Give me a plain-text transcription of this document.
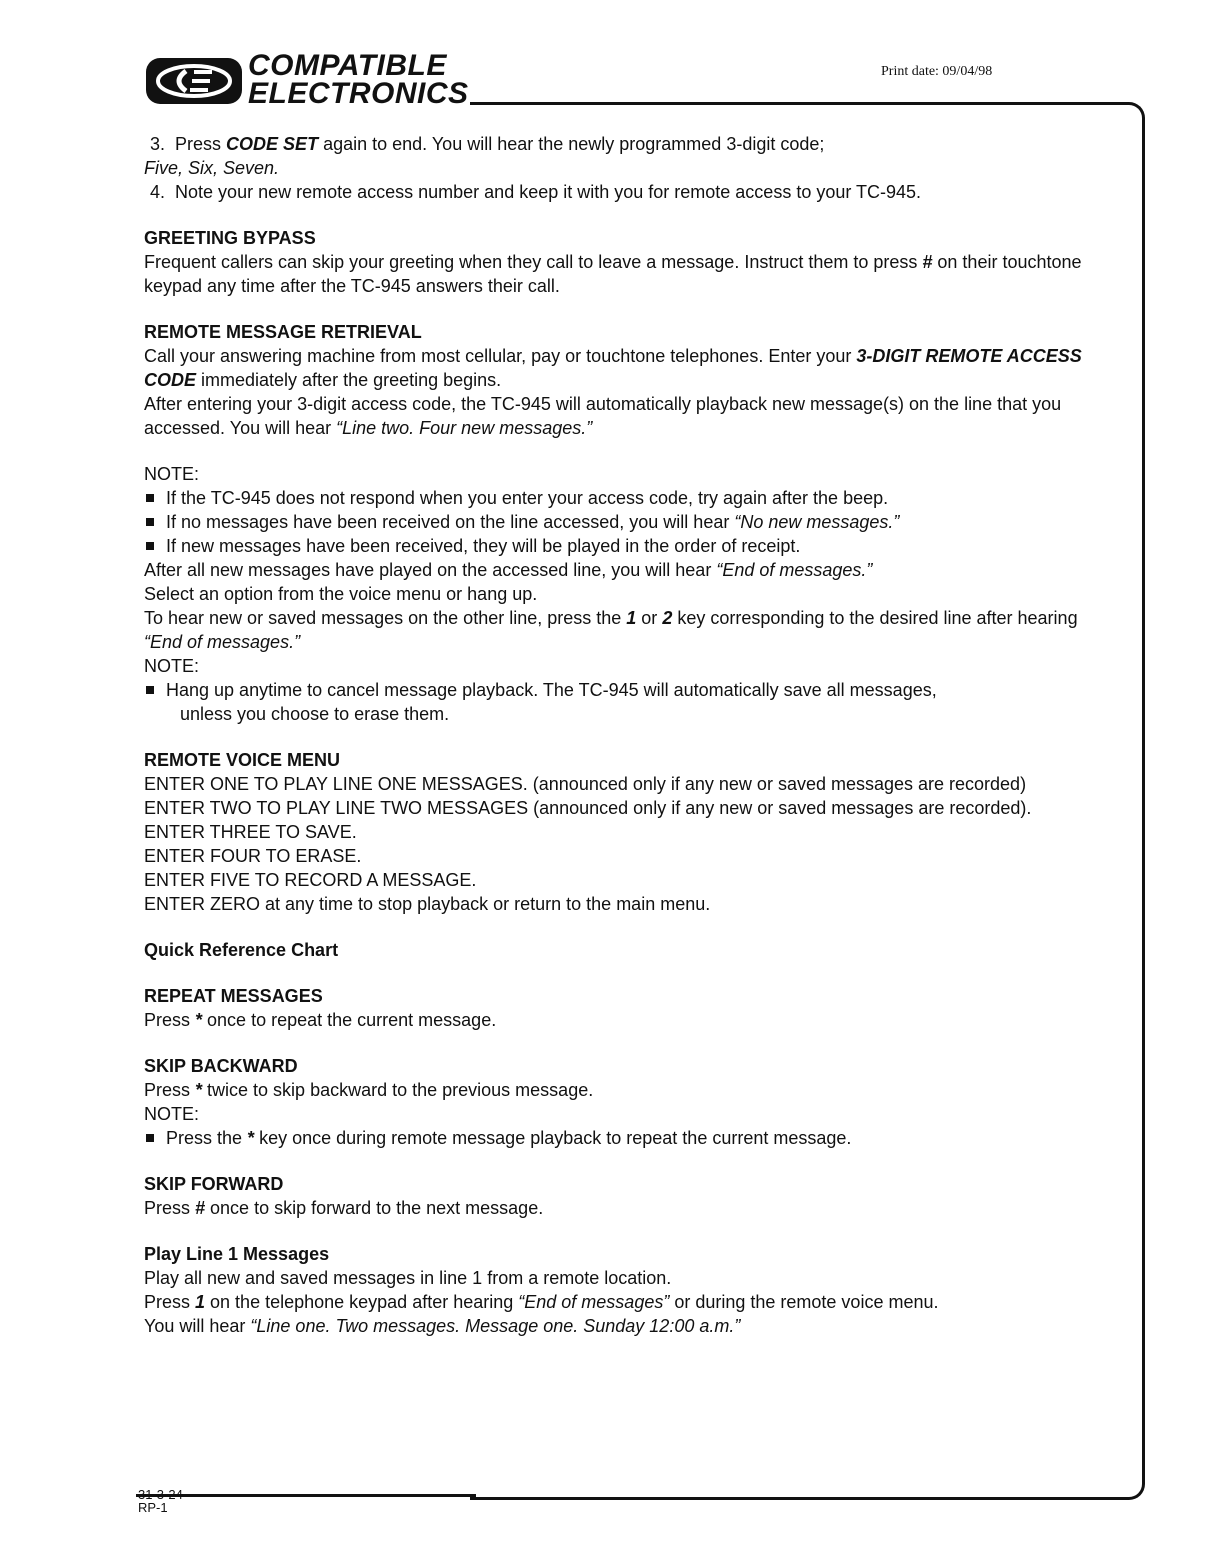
COMPATIBLE
ELECTRONICS
Print date: 09/04/98
31-3-24
RP-1

3. Press CODE SET again to end. You will hear the newly programmed 3-digit code;

Five, Six, Seven.

4. Note your new remote access number and keep it with you for remote access to your TC-945.

GREETING BYPASS

Frequent callers can skip your greeting when they call to leave a message. Instruct them to press # on their touchtone keypad any time after the TC-945 answers their call.

REMOTE MESSAGE RETRIEVAL

Call your answering machine from most cellular, pay or touchtone telephones. Enter your 3-DIGIT REMOTE ACCESS CODE immediately after the greeting begins.

After entering your 3-digit access code, the TC-945 will automatically playback new message(s) on the line that you accessed. You will hear “Line two. Four new messages.”

NOTE:

If the TC-945 does not respond when you enter your access code, try again after the beep.

If no messages have been received on the line accessed, you will hear “No new messages.”

If new messages have been received, they will be played in the order of receipt.

After all new messages have played on the accessed line, you will hear “End of messages.”

Select an option from the voice menu or hang up.

To hear new or saved messages on the other line, press the 1 or 2 key corresponding to the desired line after hearing “End of messages.”

NOTE:

Hang up anytime to cancel message playback. The TC-945 will automatically save all messages,

unless you choose to erase them.

REMOTE VOICE MENU

ENTER ONE TO PLAY LINE ONE MESSAGES. (announced only if any new or saved messages are recorded)

ENTER TWO TO PLAY LINE TWO MESSAGES (announced only if any new or saved messages are recorded).

ENTER THREE TO SAVE.

ENTER FOUR TO ERASE.

ENTER FIVE TO RECORD A MESSAGE.

ENTER ZERO at any time to stop playback or return to the main menu.

Quick Reference Chart

REPEAT MESSAGES

Press * once to repeat the current message.

SKIP BACKWARD

Press * twice to skip backward to the previous message.

NOTE:

Press the * key once during remote message playback to repeat the current message.

SKIP FORWARD

Press # once to skip forward to the next message.

Play Line 1 Messages

Play all new and saved messages in line 1 from a remote location.

Press 1 on the telephone keypad after hearing “End of messages” or during the remote voice menu.

You will hear “Line one. Two messages. Message one. Sunday 12:00 a.m.”
